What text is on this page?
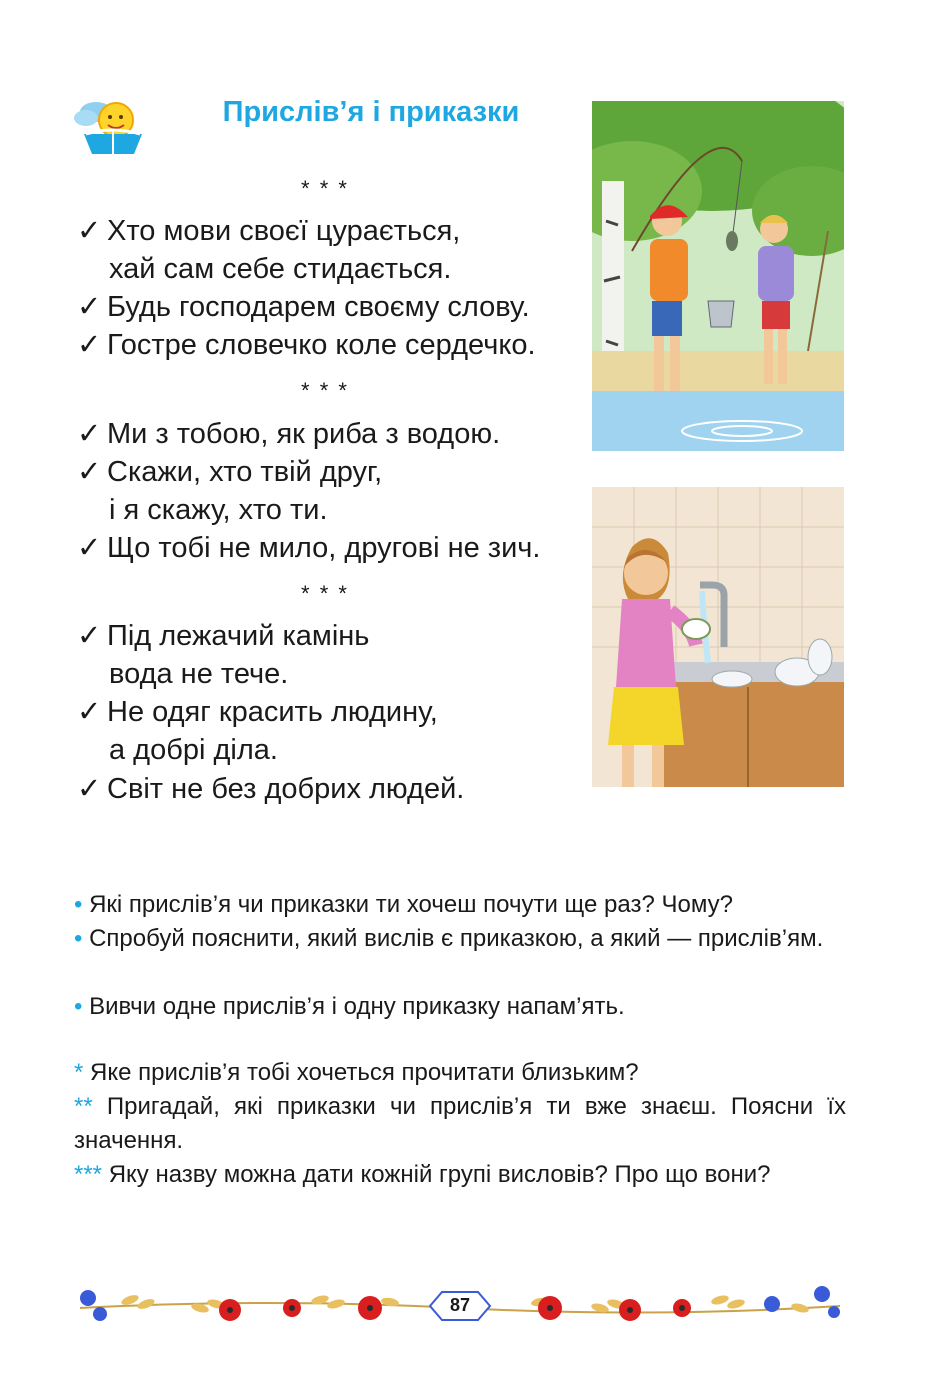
Прислів’я і приказки
* * *
✓ Хто мови своєї цурається,
хай сам себе стидається.
✓ Будь господарем своєму слову.
✓ Гостре словечко коле сердечко.
* * *
✓ Ми з тобою, як риба з водою.
✓ Скажи, хто твій друг,
і я скажу, хто ти.
✓ Що тобі не мило, другові не зич.
* * *
✓ Під лежачий камінь
вода не тече.
✓ Не одяг красить людину,
а добрі діла.
✓ Світ не без добрих людей.
• Які прислів’я чи приказки ти хочеш почути ще раз? Чому?
• Спробуй пояснити, який вислів є приказкою, а який — прислів’ям.
• Вивчи одне прислів’я і одну приказку напам’ять.
* Яке прислів’я тобі хочеться прочитати близьким?
** Пригадай, які приказки чи прислів’я ти вже знаєш. Поясни їх значення.
*** Яку назву можна дати кожній групі висловів? Про що вони?
87
